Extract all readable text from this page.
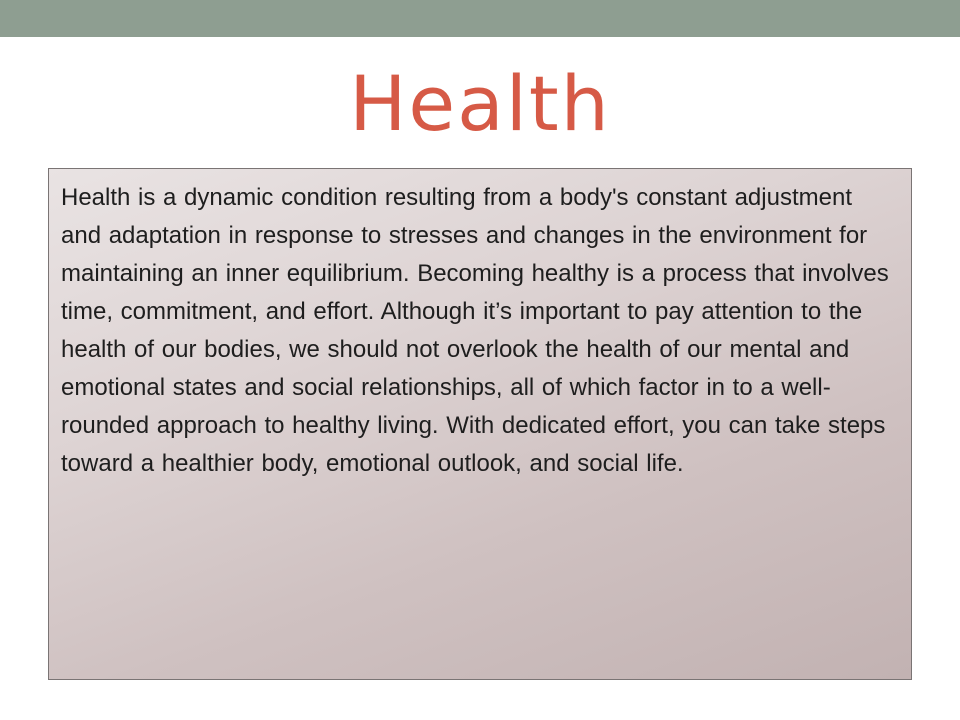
Health

Health is a dynamic condition resulting from a body's constant adjustment and adaptation in response to stresses and changes in the environment for maintaining an inner equilibrium. Becoming healthy is a process that involves time, commitment, and effort. Although it’s important to pay attention to the health of our bodies, we should not overlook the health of our mental and emotional states and social relationships, all of which factor in to a well-rounded approach to healthy living. With dedicated effort, you can take steps toward a healthier body, emotional outlook, and social life.
